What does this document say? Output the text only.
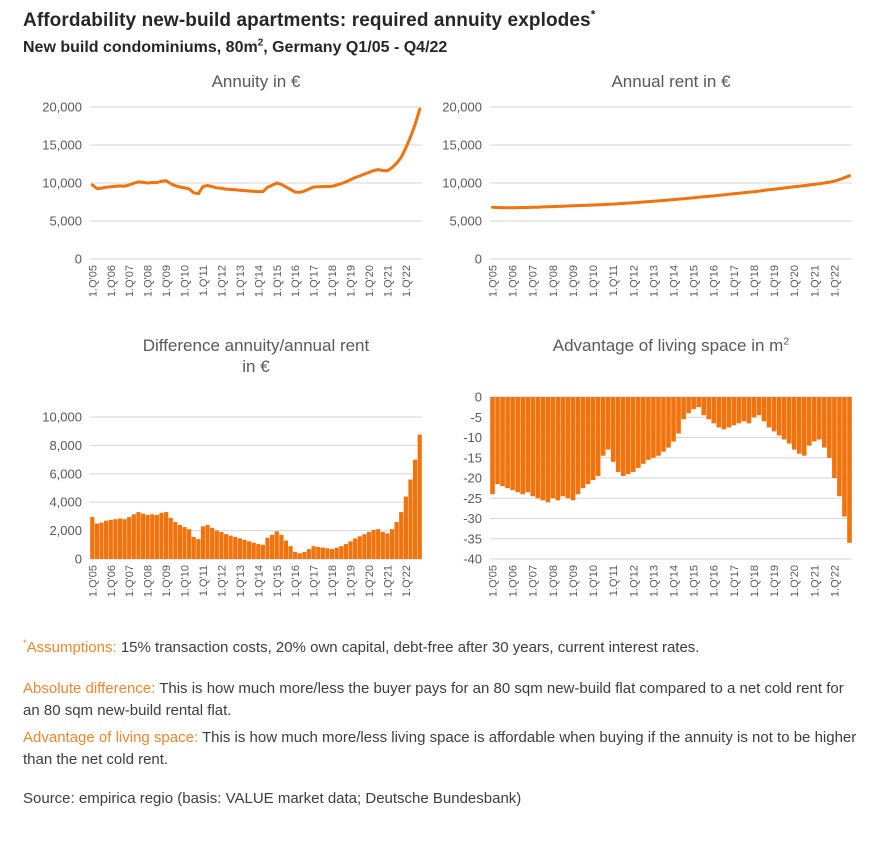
Affordability new-build apartments: required annuity explodes*
New build condominiums, $80m^2$, Germany Q1/05 - Q4/22
Annuity in €
0
5,000
10,000
15,000
20,000
1.Q'05 1.Q'06 1.Q'07 1.Q'08 1.Q'09 1.Q'10 1.Q'11 1.Q'12 1.Q'13 1.Q'14 1.Q'15 1.Q'16 1.Q'17 1.Q'18 1.Q'19 1.Q'20 1.Q'21 1.Q'22
Annual rent in €
0
5,000
10,000
15,000
20,000
1.Q'05 1.Q'06 1.Q'07 1.Q'08 1.Q'09 1.Q'10 1.Q'11 1.Q'12 1.Q'13 1.Q'14 1.Q'15 1.Q'16 1.Q'17 1.Q'18 1.Q'19 1.Q'20 1.Q'21 1.Q'22
Difference annuity/annual rent
in €
0
2,000
4,000
6,000
8,000
10,000
1.Q'05 1.Q'06 1.Q'07 1.Q'08 1.Q'09 1.Q'10 1.Q'11 1.Q'12 1.Q'13 1.Q'14 1.Q'15 1.Q'16 1.Q'17 1.Q'18 1.Q'19 1.Q'20 1.Q'21 1.Q'22
Advantage of living space in $m^2$
0
-5
-10
-15
-20
-25
-30
-35
-40
1.Q'05 1.Q'06 1.Q'07 1.Q'08 1.Q'09 1.Q'10 1.Q'11 1.Q'12 1.Q'13 1.Q'14 1.Q'15 1.Q'16 1.Q'17 1.Q'18 1.Q'19 1.Q'20 1.Q'21 1.Q'22

*Assumptions: 15% transaction costs, 20% own capital, debt-free after 30 years, current interest rates.

Absolute difference: This is how much more/less the buyer pays for an 80 sqm new-build flat compared to a net cold rent for an 80 sqm new-build rental flat.

Advantage of living space: This is how much more/less living space is affordable when buying if the annuity is not to be higher than the net cold rent.

Source: empirica regio (basis: VALUE market data; Deutsche Bundesbank)
